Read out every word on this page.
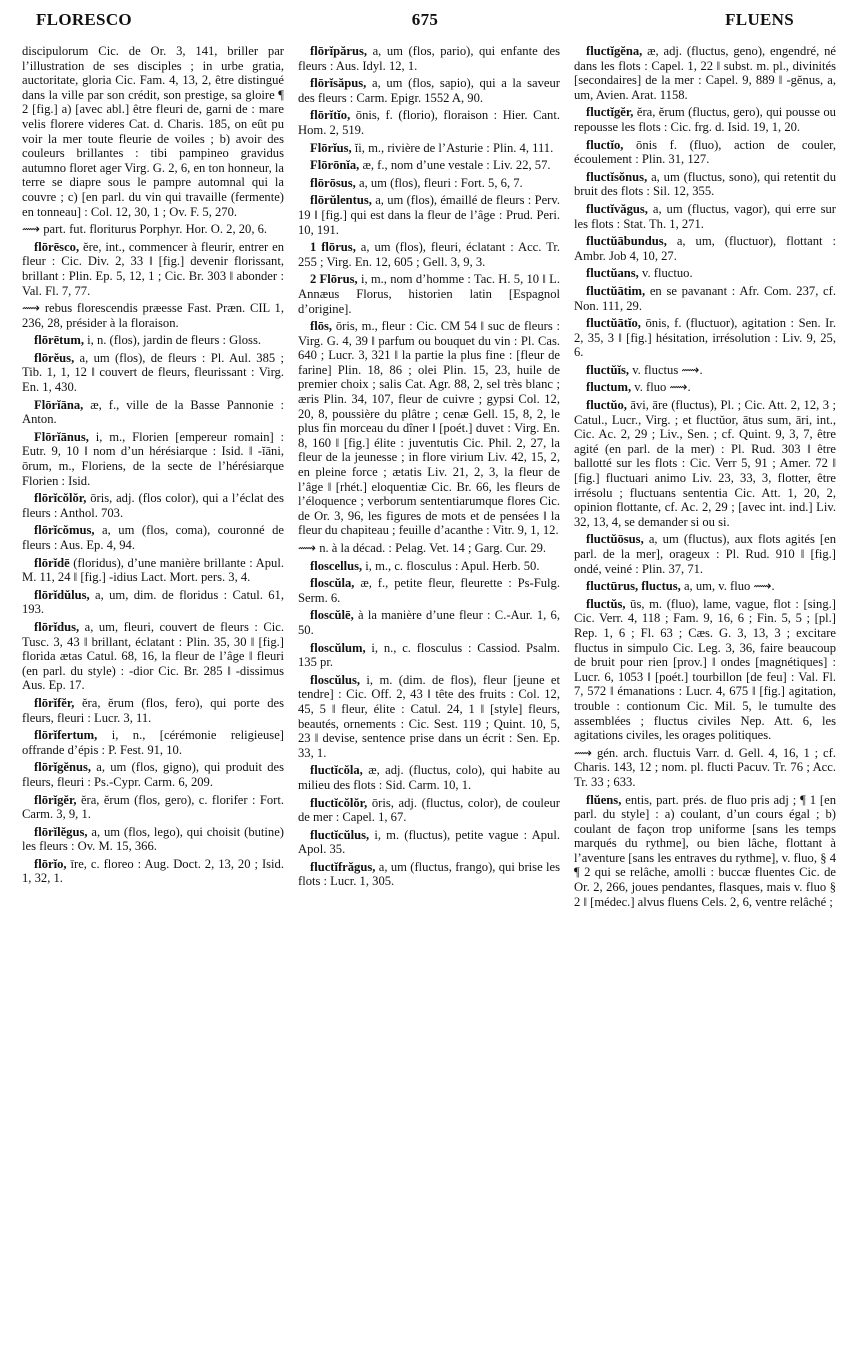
FLORESCO	675	FLUENS

discipulorum Cic. de Or. 3, 141, briller par l’illustration de ses disciples ; in urbe gratia, auctoritate, gloria Cic. Fam. 4, 13, 2, être distingué dans la ville par son crédit, son prestige, sa gloire ¶ 2 [fig.] a) [avec abl.] être fleuri de, garni de : mare velis florere videres Cat. d. Charis. 185, on eût pu voir la mer toute fleurie de voiles ; b) avoir des couleurs brillantes : tibi pampineo gravidus autumno floret ager Virg. G. 2, 6, en ton honneur, la terre se diapre sous le pampre automnal qui la couvre ; c) [en parl. du vin qui travaille (fermente) en tonneau] : Col. 12, 30, 1 ; Ov. F. 5, 270.

⟿ part. fut. floriturus Porphyr. Hor. O. 2, 20, 6.

flōrēsco, ĕre, int., commencer à fleurir, entrer en fleur : Cic. Div. 2, 33 ‖ [fig.] devenir florissant, brillant : Plin. Ep. 5, 12, 1 ; Cic. Br. 303 ‖ abonder : Val. Fl. 7, 77.

⟿ rebus florescendis præesse Fast. Præn. CIL 1, 236, 28, présider à la floraison.

flōrētum, i, n. (flos), jardin de fleurs : Gloss.

flōrĕus, a, um (flos), de fleurs : Pl. Aul. 385 ; Tib. 1, 1, 12 ‖ couvert de fleurs, fleurissant : Virg. En. 1, 430.

Flōrĭāna, æ, f., ville de la Basse Pannonie : Anton.

Flōrĭānus, i, m., Florien [empereur romain] : Eutr. 9, 10 ‖ nom d’un hérésiarque : Isid. ‖ -ĭāni, ōrum, m., Floriens, de la secte de l’hérésiarque Florien : Isid.

flōrĭcŏlŏr, ōris, adj. (flos color), qui a l’éclat des fleurs : Anthol. 703.

flōrĭcŏmus, a, um (flos, coma), couronné de fleurs : Aus. Ep. 4, 94.

flōrĭdē (floridus), d’une manière brillante : Apul. M. 11, 24 ‖ [fig.] -idius Lact. Mort. pers. 3, 4.

flōrĭdŭlus, a, um, dim. de floridus : Catul. 61, 193.

flōrĭdus, a, um, fleuri, couvert de fleurs : Cic. Tusc. 3, 43 ‖ brillant, éclatant : Plin. 35, 30 ‖ [fig.] florida ætas Catul. 68, 16, la fleur de l’âge ‖ fleuri (en parl. du style) : -dior Cic. Br. 285 ‖ -dissimus Aus. Ep. 17.

flōrĭfĕr, ĕra, ĕrum (flos, fero), qui porte des fleurs, fleuri : Lucr. 3, 11.

flōrĭfertum, i, n., [cérémonie religieuse] offrande d’épis : P. Fest. 91, 10.

flōrĭgĕnus, a, um (flos, gigno), qui produit des fleurs, fleuri : Ps.-Cypr. Carm. 6, 209.

flōrĭgĕr, ĕra, ĕrum (flos, gero), c. florifer : Fort. Carm. 3, 9, 1.

flōrĭlĕgus, a, um (flos, lego), qui choisit (butine) les fleurs : Ov. M. 15, 366.

flōrĭo, īre, c. floreo : Aug. Doct. 2, 13, 20 ; Isid. 1, 32, 1.

flōrĭpărus, a, um (flos, pario), qui enfante des fleurs : Aus. Idyl. 12, 1.

flōrĭsăpus, a, um (flos, sapio), qui a la saveur des fleurs : Carm. Epigr. 1552 A, 90.

flōrĭtĭo, ōnis, f. (florio), floraison : Hier. Cant. Hom. 2, 519.

Flōrĭus, ĭi, m., rivière de l’Asturie : Plin. 4, 111.

Flōrōnĭa, æ, f., nom d’une vestale : Liv. 22, 57.

flōrōsus, a, um (flos), fleuri : Fort. 5, 6, 7.

flōrŭlentus, a, um (flos), émaillé de fleurs : Perv. 19 ‖ [fig.] qui est dans la fleur de l’âge : Prud. Peri. 10, 191.

1 flōrus, a, um (flos), fleuri, éclatant : Acc. Tr. 255 ; Virg. En. 12, 605 ; Gell. 3, 9, 3.

2 Flōrus, i, m., nom d’homme : Tac. H. 5, 10 ‖ L. Annæus Florus, historien latin [Espagnol d’origine].

flōs, ōris, m., fleur : Cic. CM 54 ‖ suc de fleurs : Virg. G. 4, 39 ‖ parfum ou bouquet du vin : Pl. Cas. 640 ; Lucr. 3, 321 ‖ la partie la plus fine : [fleur de farine] Plin. 18, 86 ; olei Plin. 15, 23, huile de premier choix ; salis Cat. Agr. 88, 2, sel très blanc ; æris Plin. 34, 107, fleur de cuivre ; gypsi Col. 12, 20, 8, poussière du plâtre ; cenæ Gell. 15, 8, 2, le plus fin morceau du dîner ‖ [poét.] duvet : Virg. En. 8, 160 ‖ [fig.] élite : juventutis Cic. Phil. 2, 27, la fleur de la jeunesse ; in flore virium Liv. 42, 15, 2, en pleine force ; ætatis Liv. 21, 2, 3, la fleur de l’âge ‖ [rhét.] eloquentiæ Cic. Br. 66, les fleurs de l’éloquence ; verborum sententiarumque flores Cic. de Or. 3, 96, les figures de mots et de pensées ‖ la fleur du chapiteau ; feuille d’acanthe : Vitr. 9, 1, 12.

⟿ n. à la décad. : Pelag. Vet. 14 ; Garg. Cur. 29.

floscellus, i, m., c. flosculus : Apul. Herb. 50.

floscŭla, æ, f., petite fleur, fleurette : Ps-Fulg. Serm. 6.

floscŭlē, à la manière d’une fleur : C.-Aur. 1, 6, 50.

floscŭlum, i, n., c. flosculus : Cassiod. Psalm. 135 pr.

floscŭlus, i, m. (dim. de flos), fleur [jeune et tendre] : Cic. Off. 2, 43 ‖ tête des fruits : Col. 12, 45, 5 ‖ fleur, élite : Catul. 24, 1 ‖ [style] fleurs, beautés, ornements : Cic. Sest. 119 ; Quint. 10, 5, 23 ‖ devise, sentence prise dans un écrit : Sen. Ep. 33, 1.

fluctĭcŏla, æ, adj. (fluctus, colo), qui habite au milieu des flots : Sid. Carm. 10, 1.

fluctĭcŏlŏr, ōris, adj. (fluctus, color), de couleur de mer : Capel. 1, 67.

fluctĭcŭlus, i, m. (fluctus), petite vague : Apul. Apol. 35.

fluctĭfrăgus, a, um (fluctus, frango), qui brise les flots : Lucr. 1, 305.

fluctĭgĕna, æ, adj. (fluctus, geno), engendré, né dans les flots : Capel. 1, 22 ‖ subst. m. pl., divinités [secondaires] de la mer : Capel. 9, 889 ‖ -gĕnus, a, um, Avien. Arat. 1158.

fluctĭgĕr, ĕra, ĕrum (fluctus, gero), qui pousse ou repousse les flots : Cic. frg. d. Isid. 19, 1, 20.

fluctĭo, ōnis f. (fluo), action de couler, écoulement : Plin. 31, 127.

fluctĭsŏnus, a, um (fluctus, sono), qui retentit du bruit des flots : Sil. 12, 355.

fluctĭvăgus, a, um (fluctus, vagor), qui erre sur les flots : Stat. Th. 1, 271.

fluctŭābundus, a, um, (fluctuor), flottant : Ambr. Job 4, 10, 27.

fluctŭans, v. fluctuo.

fluctŭātim, en se pavanant : Afr. Com. 237, cf. Non. 111, 29.

fluctŭātĭo, ōnis, f. (fluctuor), agitation : Sen. Ir. 2, 35, 3 ‖ [fig.] hésitation, irrésolution : Liv. 9, 25, 6.

fluctŭĭs, v. fluctus ⟿.

fluctum, v. fluo ⟿.

fluctŭo, āvi, āre (fluctus), Pl. ; Cic. Att. 2, 12, 3 ; Catul., Lucr., Virg. ; et fluctŭor, ātus sum, āri, int., Cic. Ac. 2, 29 ; Liv., Sen. ; cf. Quint. 9, 3, 7, être agité (en parl. de la mer) : Pl. Rud. 303 ‖ être ballotté sur les flots : Cic. Verr 5, 91 ; Amer. 72 ‖ [fig.] fluctuari animo Liv. 23, 33, 3, flotter, être irrésolu ; fluctuans sententia Cic. Att. 1, 20, 2, opinion flottante, cf. Ac. 2, 29 ; [avec int. ind.] Liv. 32, 13, 4, se demander si ou si.

fluctŭōsus, a, um (fluctus), aux flots agités [en parl. de la mer], orageux : Pl. Rud. 910 ‖ [fig.] ondé, veiné : Plin. 37, 71.

fluctūrus, fluctus, a, um, v. fluo ⟿.

fluctŭs, ūs, m. (fluo), lame, vague, flot : [sing.] Cic. Verr. 4, 118 ; Fam. 9, 16, 6 ; Fin. 5, 5 ; [pl.] Rep. 1, 6 ; Fl. 63 ; Cæs. G. 3, 13, 3 ; excitare fluctus in simpulo Cic. Leg. 3, 36, faire beaucoup de bruit pour rien [prov.] ‖ ondes [magnétiques] : Lucr. 6, 1053 ‖ [poét.] tourbillon [de feu] : Val. Fl. 7, 572 ‖ émanations : Lucr. 4, 675 ‖ [fig.] agitation, trouble : contionum Cic. Mil. 5, le tumulte des assemblées ; fluctus civiles Nep. Att. 6, les agitations civiles, les orages politiques.

⟿ gén. arch. fluctuis Varr. d. Gell. 4, 16, 1 ; cf. Charis. 143, 12 ; nom. pl. flucti Pacuv. Tr. 76 ; Acc. Tr. 33 ; 633.

flŭens, entis, part. prés. de fluo pris adj ; ¶ 1 [en parl. du style] : a) coulant, d’un cours égal ; b) coulant de façon trop uniforme [sans les temps marqués du rythme], ou bien lâche, flottant à l’aventure [sans les entraves du rythme], v. fluo, § 4 ¶ 2 qui se relâche, amolli : buccæ fluentes Cic. de Or. 2, 266, joues pendantes, flasques, mais v. fluo § 2 ‖ [médec.] alvus fluens Cels. 2, 6, ventre relâché ;
